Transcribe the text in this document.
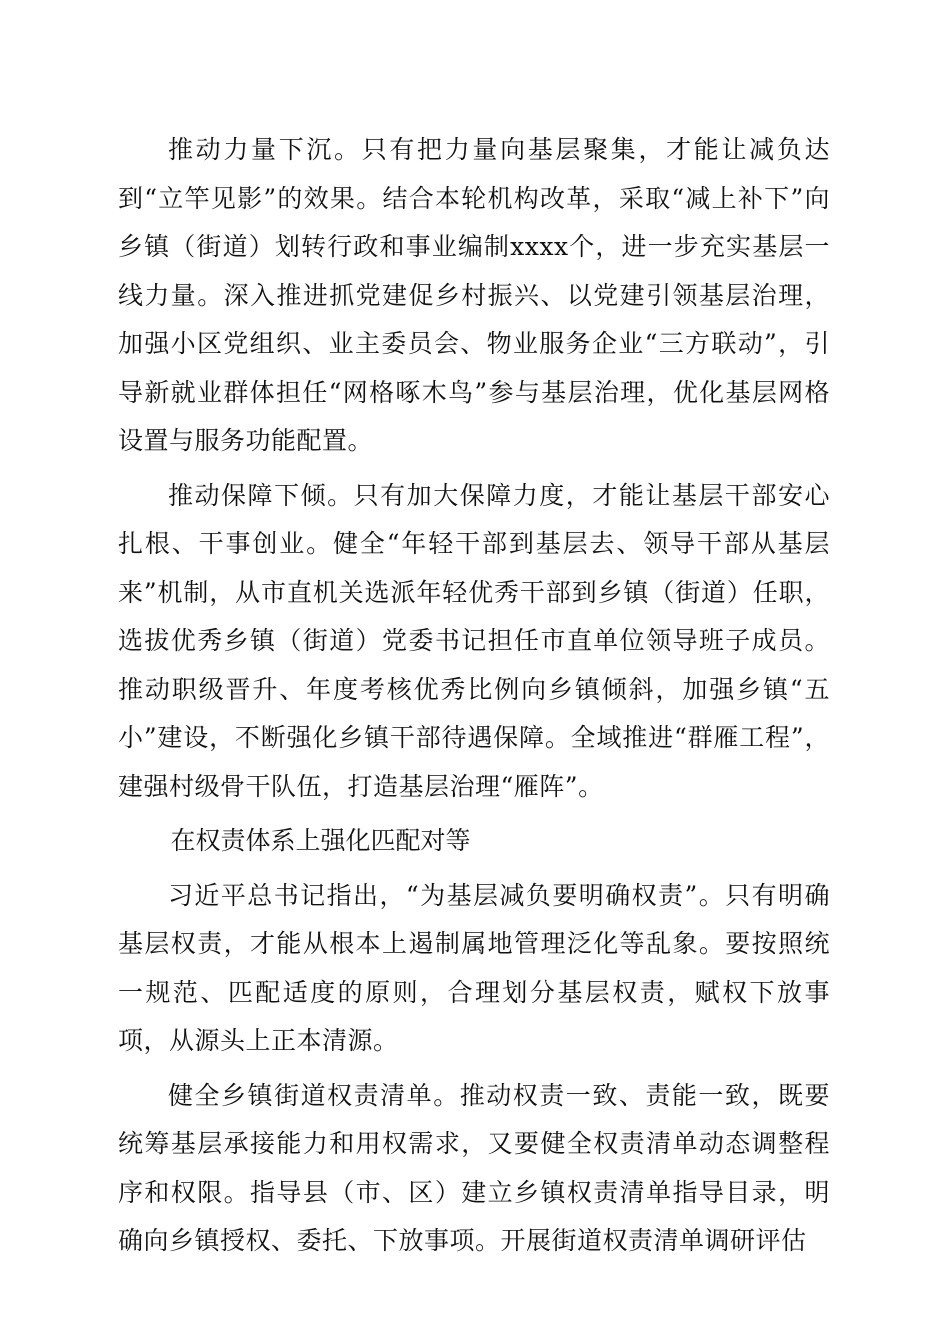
推动力量下沉。只有把力量向基层聚集，才能让减负达到“立竿见影”的效果。结合本轮机构改革，采取“减上补下”向乡镇（街道）划转行政和事业编制xxxx个，进一步充实基层一线力量。深入推进抓党建促乡村振兴、以党建引领基层治理，加强小区党组织、业主委员会、物业服务企业“三方联动”，引导新就业群体担任“网格啄木鸟”参与基层治理，优化基层网格设置与服务功能配置。

推动保障下倾。只有加大保障力度，才能让基层干部安心扎根、干事创业。健全“年轻干部到基层去、领导干部从基层来”机制，从市直机关选派年轻优秀干部到乡镇（街道）任职，选拔优秀乡镇（街道）党委书记担任市直单位领导班子成员。推动职级晋升、年度考核优秀比例向乡镇倾斜，加强乡镇“五小”建设，不断强化乡镇干部待遇保障。全域推进“群雁工程”，建强村级骨干队伍，打造基层治理“雁阵”。

在权责体系上强化匹配对等

习近平总书记指出，“为基层减负要明确权责”。只有明确基层权责，才能从根本上遏制属地管理泛化等乱象。要按照统一规范、匹配适度的原则，合理划分基层权责，赋权下放事项，从源头上正本清源。

健全乡镇街道权责清单。推动权责一致、责能一致，既要统筹基层承接能力和用权需求，又要健全权责清单动态调整程序和权限。指导县（市、区）建立乡镇权责清单指导目录，明确向乡镇授权、委托、下放事项。开展街道权责清单调研评估
